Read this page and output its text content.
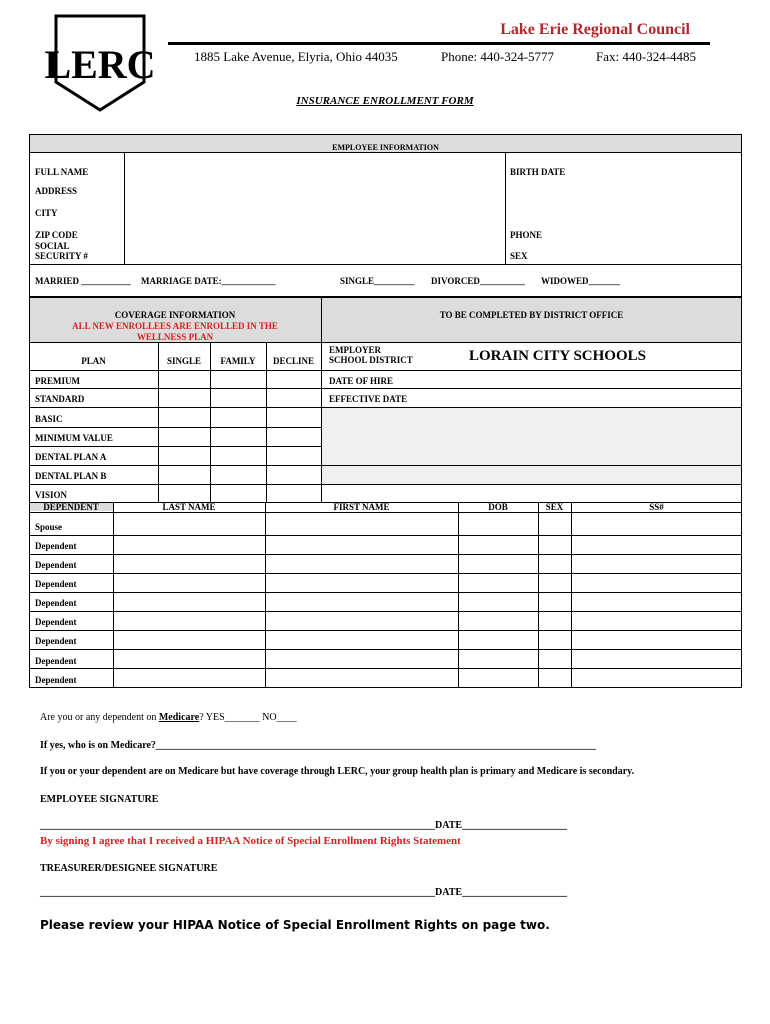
LERC
Lake Erie Regional Council
1885 Lake Avenue, Elyria, Ohio 44035	Phone: 440-324-5777	Fax: 440-324-4485
INSURANCE ENROLLMENT FORM
EMPLOYEE INFORMATION
FULL NAME	BIRTH DATE
ADDRESS
CITY
ZIP CODE	PHONE
SOCIAL
SECURITY #	SEX
MARRIED ___________ MARRIAGE DATE:____________	SINGLE_________ DIVORCED__________ WIDOWED_______
COVERAGE INFORMATION
ALL NEW ENROLLEES ARE ENROLLED IN THE
WELLNESS PLAN
TO BE COMPLETED BY DISTRICT OFFICE
PLAN	SINGLE	FAMILY	DECLINE
PREMIUM
STANDARD
BASIC
MINIMUM VALUE
DENTAL PLAN A
DENTAL PLAN B
VISION
EMPLOYER
SCHOOL DISTRICT	LORAIN CITY SCHOOLS
DATE OF HIRE
EFFECTIVE DATE
DEPENDENT	LAST NAME	FIRST NAME	DOB	SEX	SS#
Spouse
Dependent
Dependent
Dependent
Dependent
Dependent
Dependent
Dependent
Dependent
Are you or any dependent on Medicare? YES_______ NO____
If yes, who is on Medicare?________________________________________________________________________________________
If you or your dependent are on Medicare but have coverage through LERC, your group health plan is primary and Medicare is secondary.
EMPLOYEE SIGNATURE
_______________________________________________________________________________DATE_____________________
By signing I agree that I received a HIPAA Notice of Special Enrollment Rights Statement
TREASURER/DESIGNEE SIGNATURE
_______________________________________________________________________________DATE_____________________
Please review your HIPAA Notice of Special Enrollment Rights on page two.
